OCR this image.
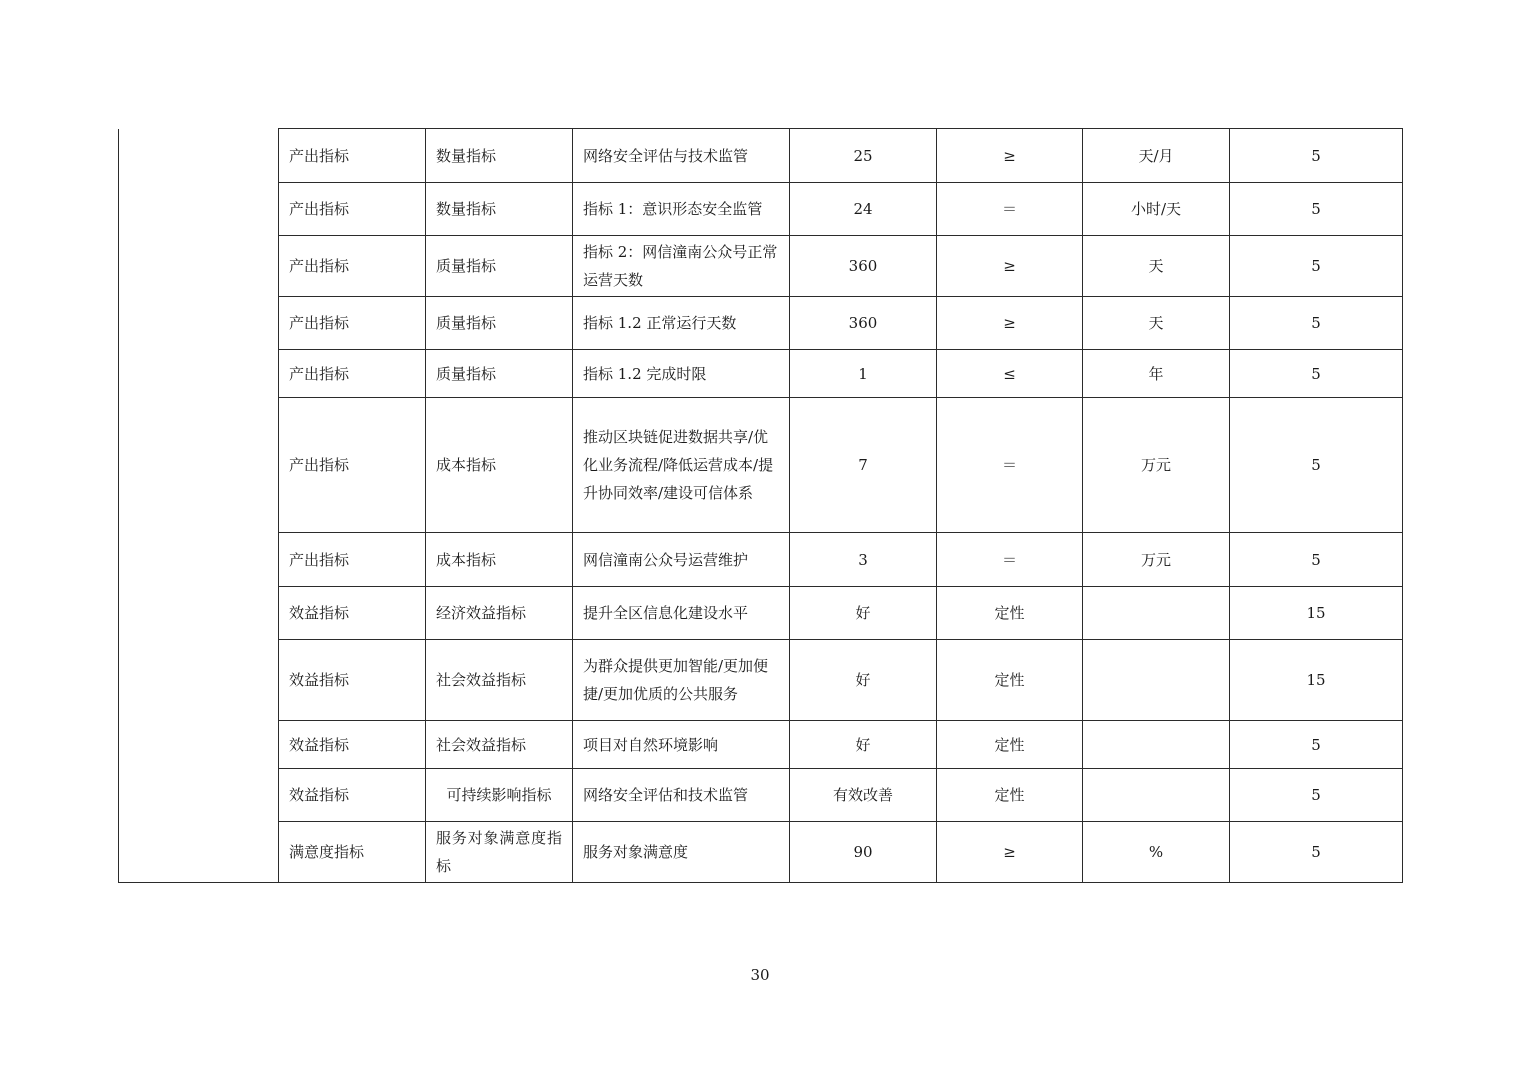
	产出指标	数量指标	网络安全评估与技术监管	25	≥	天/月	5
	产出指标	数量指标	指标 1：意识形态安全监管	24	＝	小时/天	5
	产出指标	质量指标	指标 2：网信潼南公众号正常运营天数	360	≥	天	5
	产出指标	质量指标	指标 1.2 正常运行天数	360	≥	天	5
	产出指标	质量指标	指标 1.2 完成时限	1	≤	年	5
	产出指标	成本指标	推动区块链促进数据共享/优化业务流程/降低运营成本/提升协同效率/建设可信体系	7	＝	万元	5
	产出指标	成本指标	网信潼南公众号运营维护	3	＝	万元	5
	效益指标	经济效益指标	提升全区信息化建设水平	好	定性		15
	效益指标	社会效益指标	为群众提供更加智能/更加便捷/更加优质的公共服务	好	定性		15
	效益指标	社会效益指标	项目对自然环境影响	好	定性		5
	效益指标	可持续影响指标	网络安全评估和技术监管	有效改善	定性		5
	满意度指标	服务对象满意度指标	服务对象满意度	90	≥	%	5
30
